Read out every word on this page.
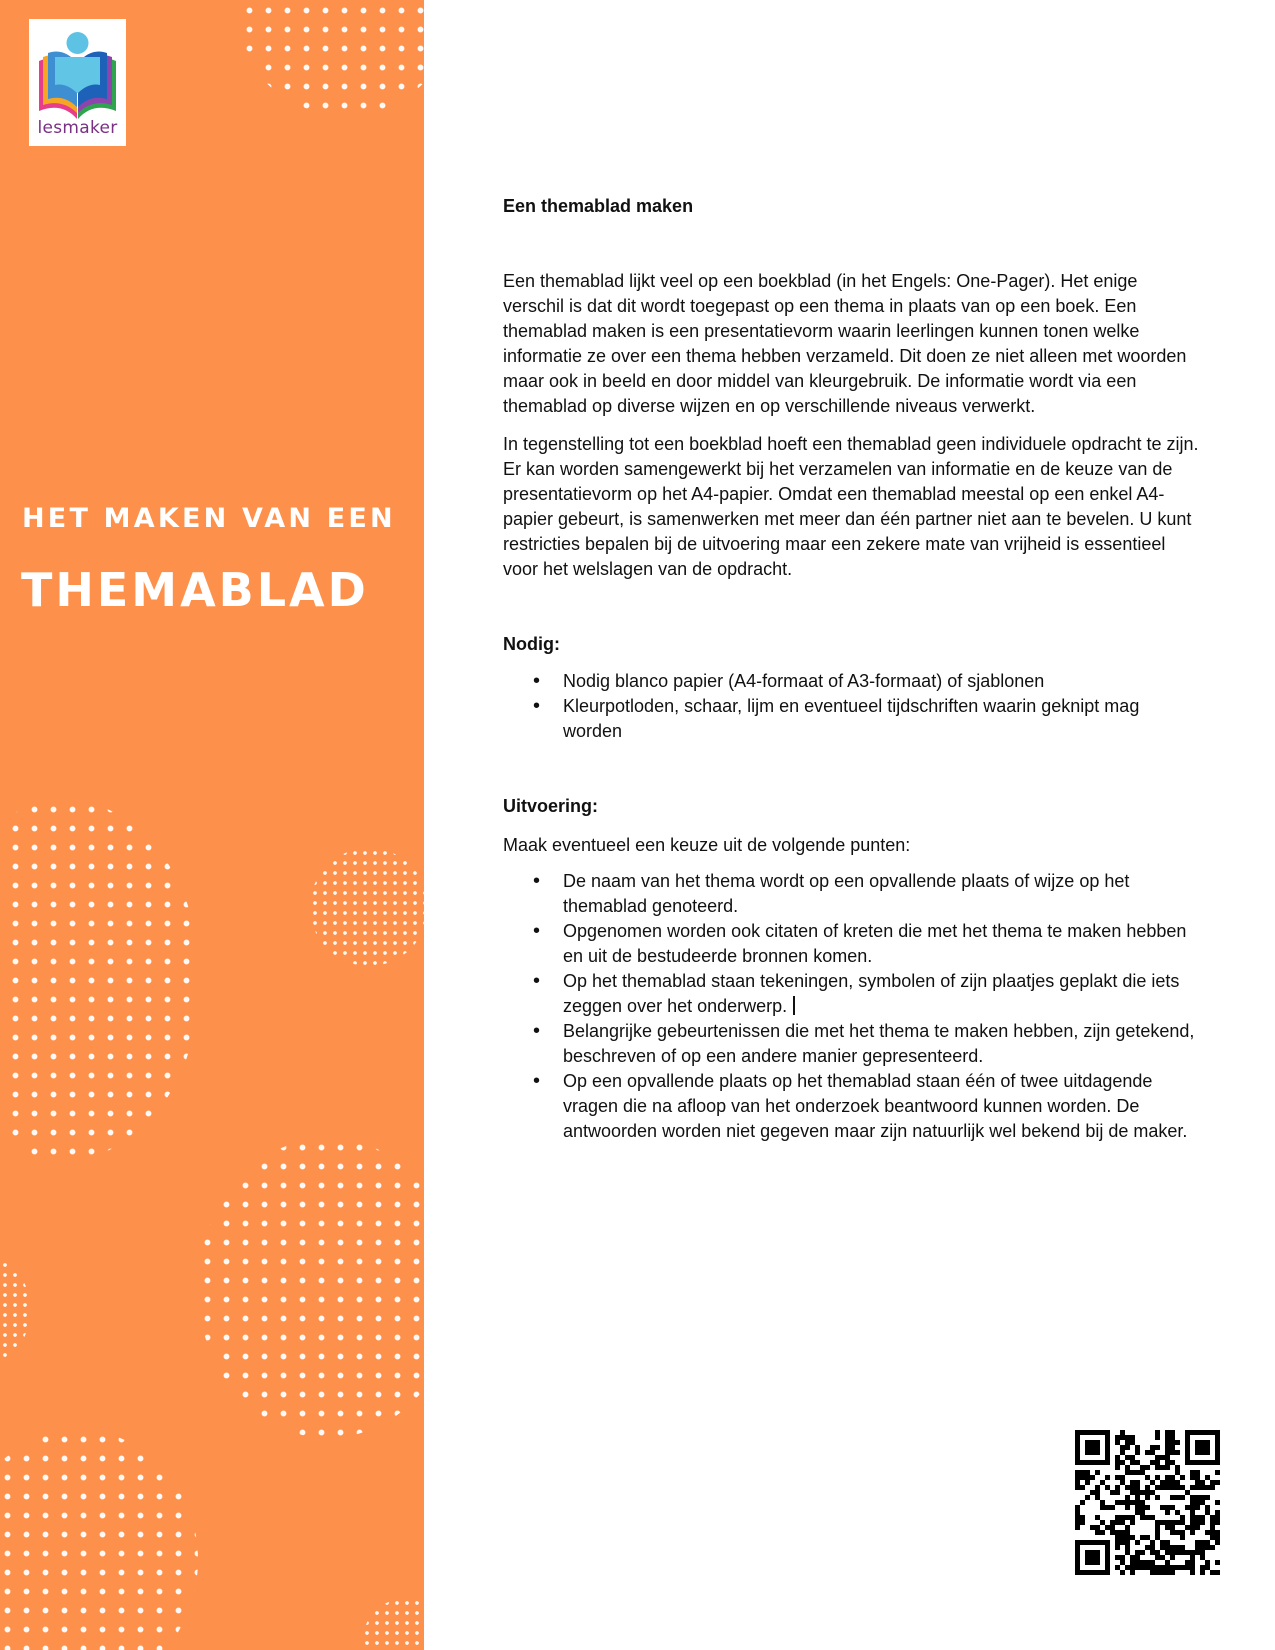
lesmaker
HET MAKEN VAN EEN
THEMABLAD
Een themablad maken

Een themablad lijkt veel op een boekblad (in het Engels: One-Pager). Het enige verschil is dat dit wordt toegepast op een thema in plaats van op een boek. Een themablad maken is een presentatievorm waarin leerlingen kunnen tonen welke informatie ze over een thema hebben verzameld. Dit doen ze niet alleen met woorden maar ook in beeld en door middel van kleurgebruik. De informatie wordt via een themablad op diverse wijzen en op verschillende niveaus verwerkt.

In tegenstelling tot een boekblad hoeft een themablad geen individuele opdracht te zijn. Er kan worden samengewerkt bij het verzamelen van informatie en de keuze van de presentatievorm op het A4-papier. Omdat een themablad meestal op een enkel A4-papier gebeurt, is samenwerken met meer dan één partner niet aan te bevelen. U kunt restricties bepalen bij de uitvoering maar een zekere mate van vrijheid is essentieel voor het welslagen van de opdracht.

Nodig:
• Nodig blanco papier (A4-formaat of A3-formaat) of sjablonen
• Kleurpotloden, schaar, lijm en eventueel tijdschriften waarin geknipt mag worden
Uitvoering:

Maak eventueel een keuze uit de volgende punten:

• De naam van het thema wordt op een opvallende plaats of wijze op het themablad genoteerd.
• Opgenomen worden ook citaten of kreten die met het thema te maken hebben en uit de bestudeerde bronnen komen.
• Op het themablad staan tekeningen, symbolen of zijn plaatjes geplakt die iets zeggen over het onderwerp.
• Belangrijke gebeurtenissen die met het thema te maken hebben, zijn getekend, beschreven of op een andere manier gepresenteerd.
• Op een opvallende plaats op het themablad staan één of twee uitdagende vragen die na afloop van het onderzoek beantwoord kunnen worden. De antwoorden worden niet gegeven maar zijn natuurlijk wel bekend bij de maker.
